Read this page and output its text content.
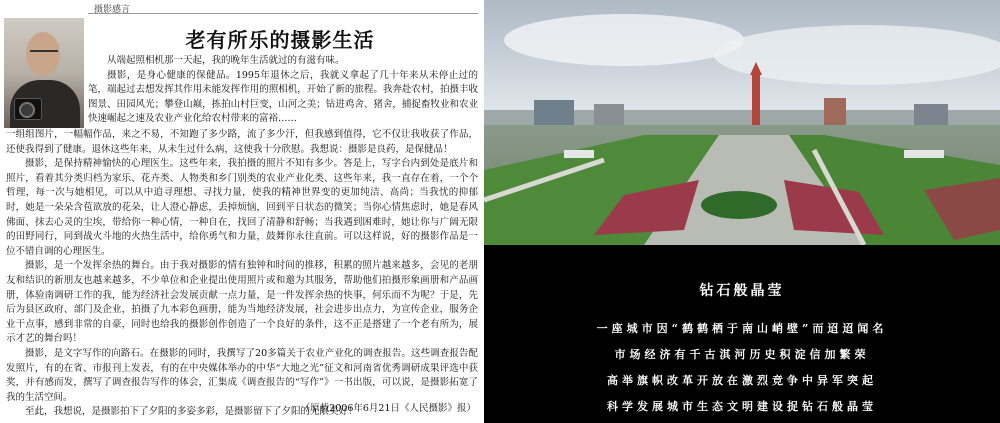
摄影感言
老有所乐的摄影生活

从端起照相机那一天起，我的晚年生活就过的有滋有味。

摄影，是身心健康的保健品。1995年退休之后，我就义拿起了几十年来从未停止过的笔，端起过去想发挥其作用未能发挥作用的照相机，开始了新的旅程。我奔赴农村，拍摄丰收图景、田园风光；攀登山巅，拣拍山村巨变，山河之美；钻进鸡舍、猪舍，捕捉畜牧业和农业快速崛起之速及农业产业化给农村带来的富裕……

一组组图片，一幅幅作品，来之不易，不知跑了多少路，流了多少汗，但我感到值得，它不仅让我收获了作品，还使我得到了健康。退休这些年来，从未生过什么病，这使我十分欣慰。我想说：摄影是良药，是保健品！

摄影，是保持精神愉快的心理医生。这些年来，我拍摄的照片不知有多少。答是上，写字台内到处是底片和照片，看着其分类归档为家乐、花卉类、人物类和乡门别类的农业产业化类、这些年来，我一直存在着，一个个哲理，每一次与她相见，可以从中追寻理想、寻找力量，使我的精神世界变的更加纯洁、高尚；当我忧的抑郁时，她是一朵朵含苞欲放的花朵，让人澄心静虑，丢掉烦恼，回到平日状态的微笑；当你心情焦虑时，她是春风佛面、抹去心灵的尘埃，带给你一种心情，一种自在，找回了清静和舒畅；当我遇到困难时，她让你与广阔无限的田野同行，同到战火斗地的火热生活中，给你勇气和力量，鼓舞你永往直前。可以这样说，好的摄影作品是一位不错自调的心理医生。

摄影，是一个发挥余热的舞台。由于我对摄影的情有独钟和时间的推移，积累的照片越来越多，会见的老朋友和结识的新朋友也越来越多，不少单位和企业提出使用照片或和邀为其服务，帮助他们拍摄形象画册和产品画册，体验南调研工作的我，能为经济社会发展贡献一点力量，是一件发挥余热的快事，何乐而不为呢？于是，先后为县区政府、部门及企业，拍摄了九本彩色画册，能为当地经济发展，社会进步出点力，为宣传企业，服务企业干点事，感到非常的自豪，同时也给我的摄影创作创造了一个良好的条件，这不正是搭建了一个老有所为，展示才艺的舞台吗！

摄影，是文字写作的向路石。在摄影的同时，我撰写了20多篇关于农业产业化的调查报告。这些调查报告配发照片，有的在省、市报刊上发表，有的在中央媒体举办的中华“大地之光”征文和河南省优秀调研成果评选中获奖，并有感而发，撰写了调查报告写作的体会，汇集成《调查报告的“写作”》一书出版，可以说，是摄影拓宽了我的生活空间。

至此，我想说，是摄影拍下了夕阳的多姿多彩，是摄影留下了夕阳的无限美好！

（原载2006年6月21日《人民摄影》报）
钻石般晶莹
一座城市因“鹤鹤栖于南山峭壁”而迢迢闻名
市场经济有千古淇河历史积淀信加繁荣
高举旗帜改革开放在激烈竞争中异军突起
科学发展城市生态文明建设捉钻石般晶莹
